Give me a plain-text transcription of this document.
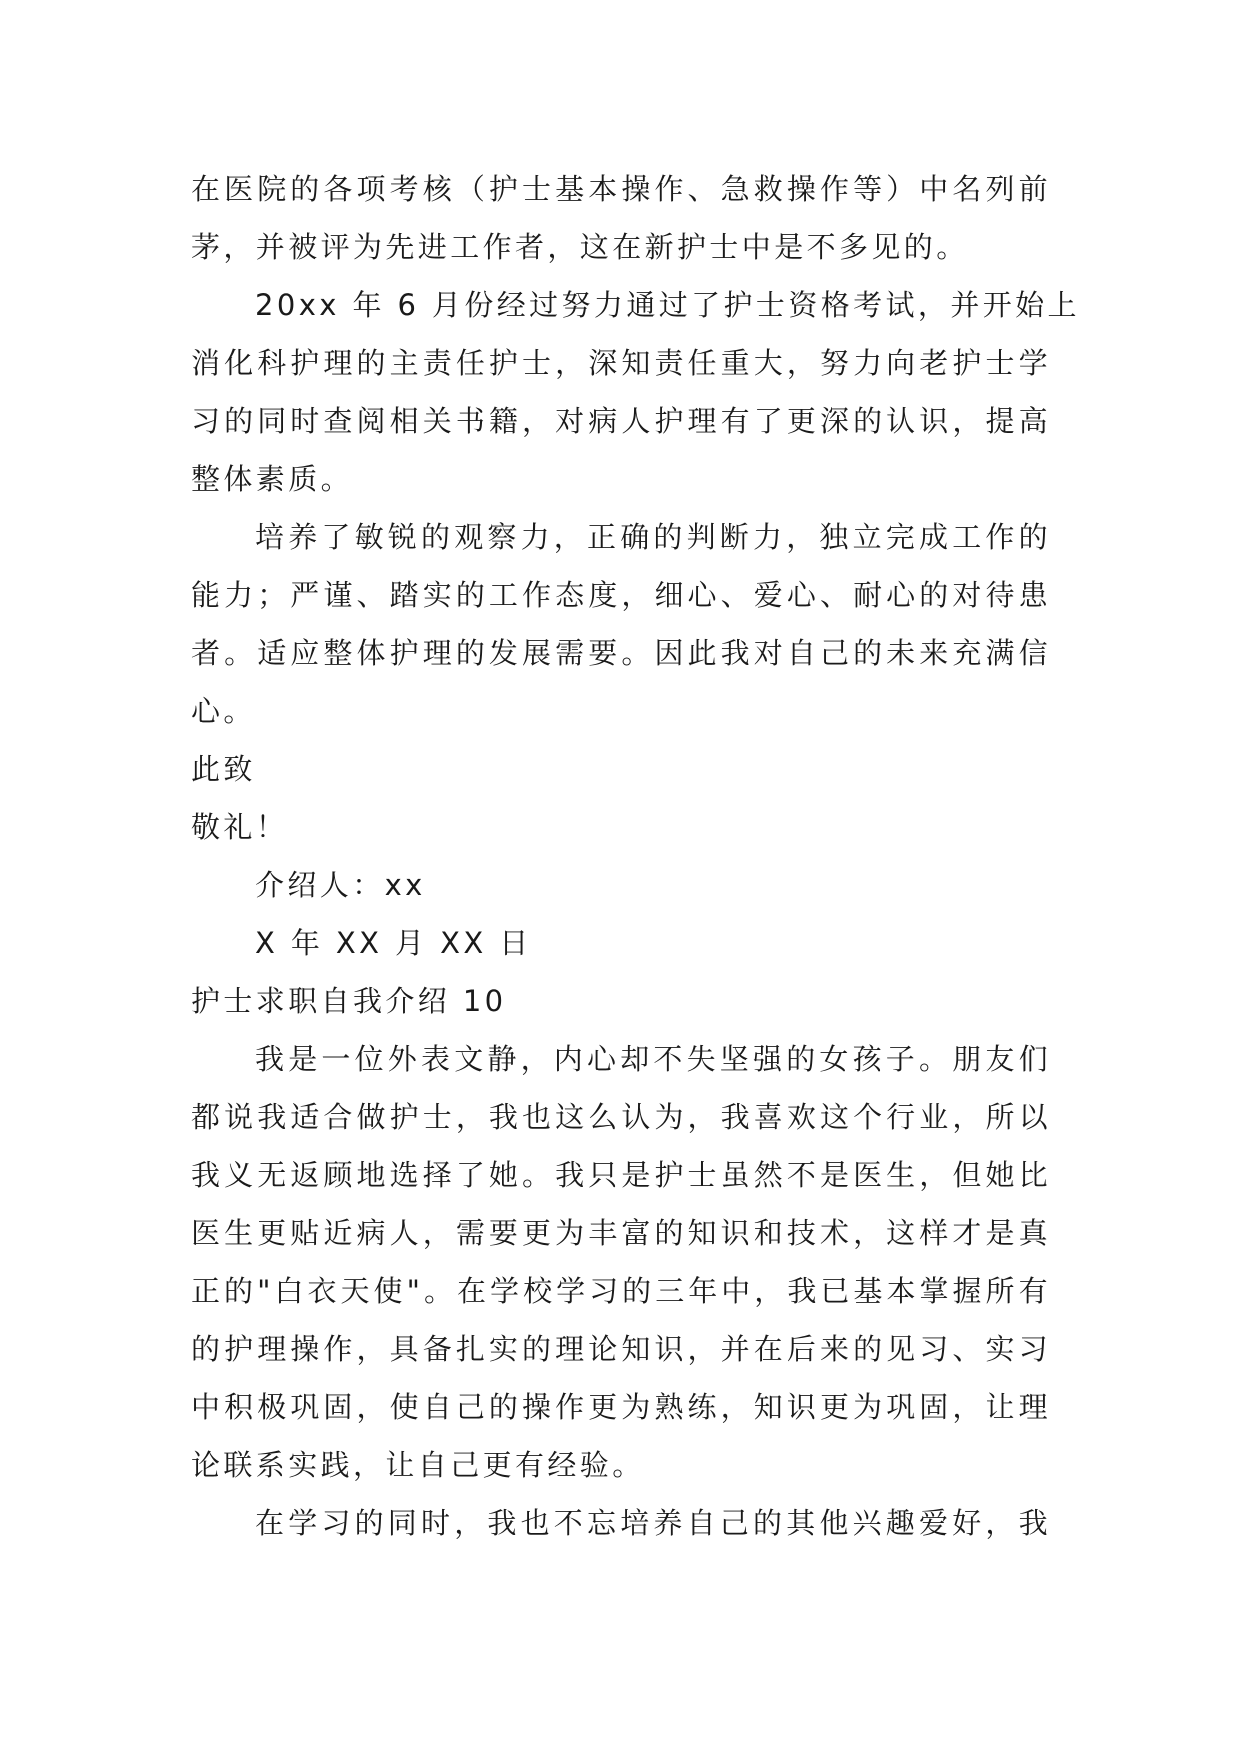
在医院的各项考核（护士基本操作、急救操作等）中名列前
茅，并被评为先进工作者，这在新护士中是不多见的。
20xx 年 6 月份经过努力通过了护士资格考试，并开始上
消化科护理的主责任护士，深知责任重大，努力向老护士学
习的同时查阅相关书籍，对病人护理有了更深的认识，提高
整体素质。
培养了敏锐的观察力，正确的判断力，独立完成工作的
能力；严谨、踏实的工作态度，细心、爱心、耐心的对待患
者。适应整体护理的发展需要。因此我对自己的未来充满信
心。
此致
敬礼！
介绍人：xx
X 年 XX 月 XX 日
护士求职自我介绍 10
我是一位外表文静，内心却不失坚强的女孩子。朋友们
都说我适合做护士，我也这么认为，我喜欢这个行业，所以
我义无返顾地选择了她。我只是护士虽然不是医生，但她比
医生更贴近病人，需要更为丰富的知识和技术，这样才是真
正的"白衣天使"。在学校学习的三年中，我已基本掌握所有
的护理操作，具备扎实的理论知识，并在后来的见习、实习
中积极巩固，使自己的操作更为熟练，知识更为巩固，让理
论联系实践，让自己更有经验。
在学习的同时，我也不忘培养自己的其他兴趣爱好，我
